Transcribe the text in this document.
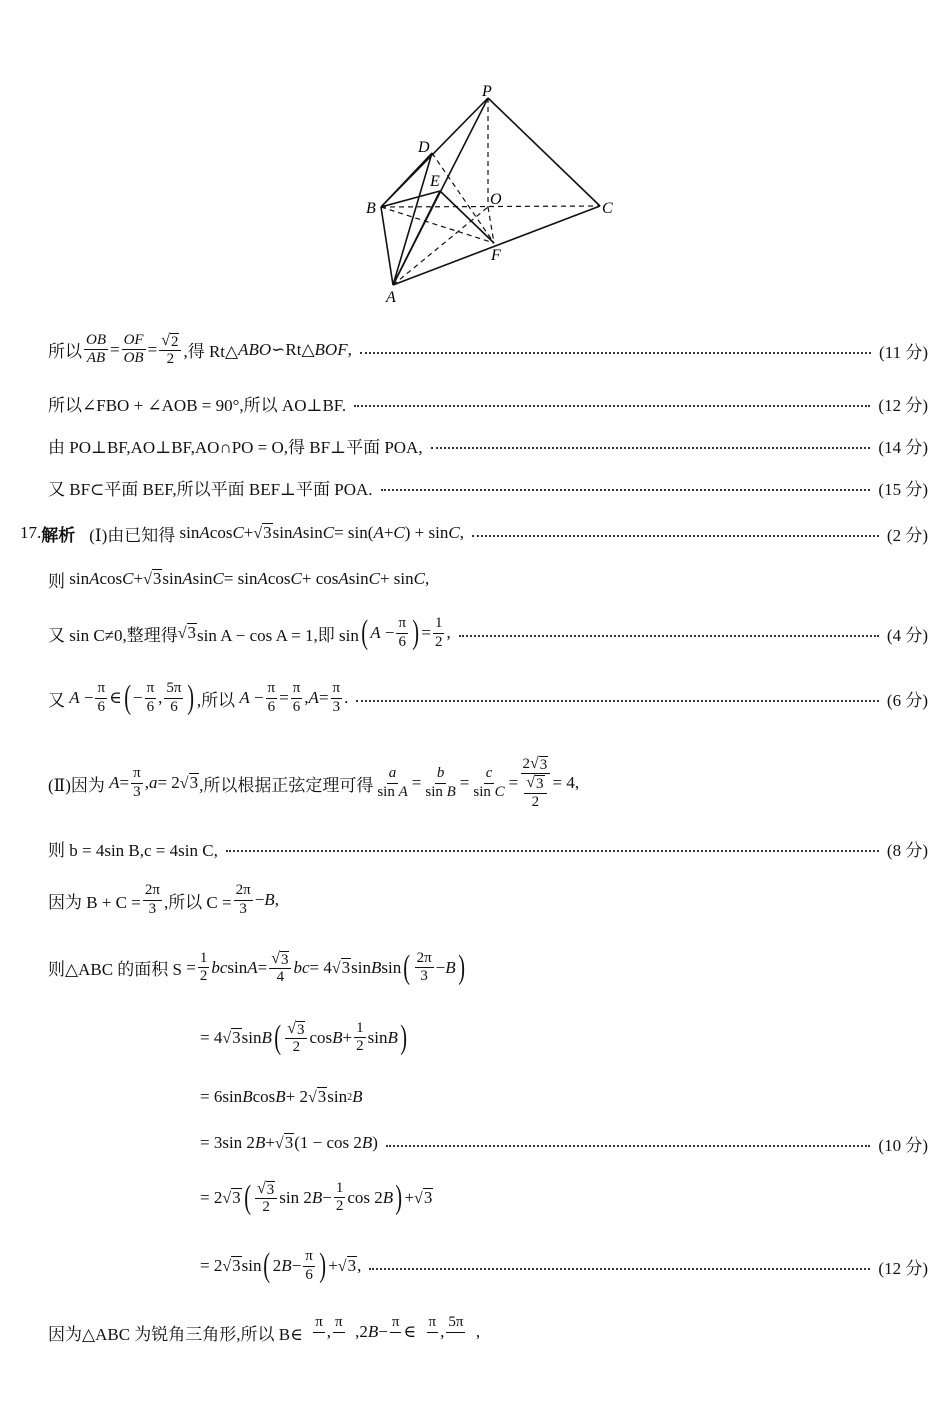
P
D
E
O
B	C
F
A
所以 $\frac{OB}{AB} = \frac{OF}{OB} = \frac{√ 2}{2}$ ,得 Rt△ ABO ∽ Rt△ BOF ,	(11 分)
所以∠FBO + ∠AOB = 90°,所以 AO⊥BF.	(12 分)
由 PO⊥BF,AO⊥BF,AO∩PO = O,得 BF⊥平面 POA,	(14 分)
又 BF⊂平面 BEF,所以平面 BEF⊥平面 POA.	(15 分)
17. 解析 (Ⅰ)由已知得 sin A cos C + √ 3 sin A sin C = sin( A + C ) + sin C ,	(2 分)
则 sin A cos C + √ 3 sin A sin C = sin A cos C + cos A sin C + sin C ,
又 sin C≠0,整理得 √ 3 sin A − cos A = 1,即 sin ( $A - \frac{\pi}{6}$ ) = $\frac{1}{2}$ ,	(4 分)
又
$A - \frac{\pi}{6}$ ∈ ( − $\frac{\pi}{6}$ , $\frac{5\pi}{6}$ ) ,所以
$A - \frac{\pi}{6} = \frac{\pi}{6}$ , $A = \frac{\pi}{3}$ .	(6 分)
(Ⅱ)因为
$A = \frac{\pi}{3}$ , a = 2 √ 3 ,所以根据正弦定理可得 $\frac{a}{\text{sin A}} = \frac{b}{\text{sin B}} = \frac{c}{\text{sin C}} = \frac{2 √ 3}{\frac{√ 3}{2}} = 4$,
则 b = 4sin B,c = 4sin C,	(8 分)
因为 $B + C = \frac{2\pi}{3}$ ,所以 $C = \frac{2\pi}{3} - B$ ,
则△ABC 的面积 $S = \frac{1}{2}$ bc $\sin A = \frac{√ 3}{4}$ bc = 4 √ 3 sin B sin ( $\frac{2\pi}{3} - B$ )
= 4 √ 3 sin B ( $\frac{√ 3}{2}$ $\cos B + \frac{1}{2}$ sin B )
= 6sin B cos B + 2 √ 3 sin 2 B
= 3sin 2 B + √ 3 (1 − cos 2 B )	(10 分)
= 2 √ 3 ( $\frac{√ 3}{2}$ sin 2 $B - \frac{1}{2}$ cos 2 B ) + √ 3
= 2 √ 3 sin ( 2 $B - \frac{\pi}{6}$ ) + √ 3 ,	(12 分)
因为△ABC 为锐角三角形,所以 B∈

π
, π
,2 B − π
∈ π
, 5π
,
